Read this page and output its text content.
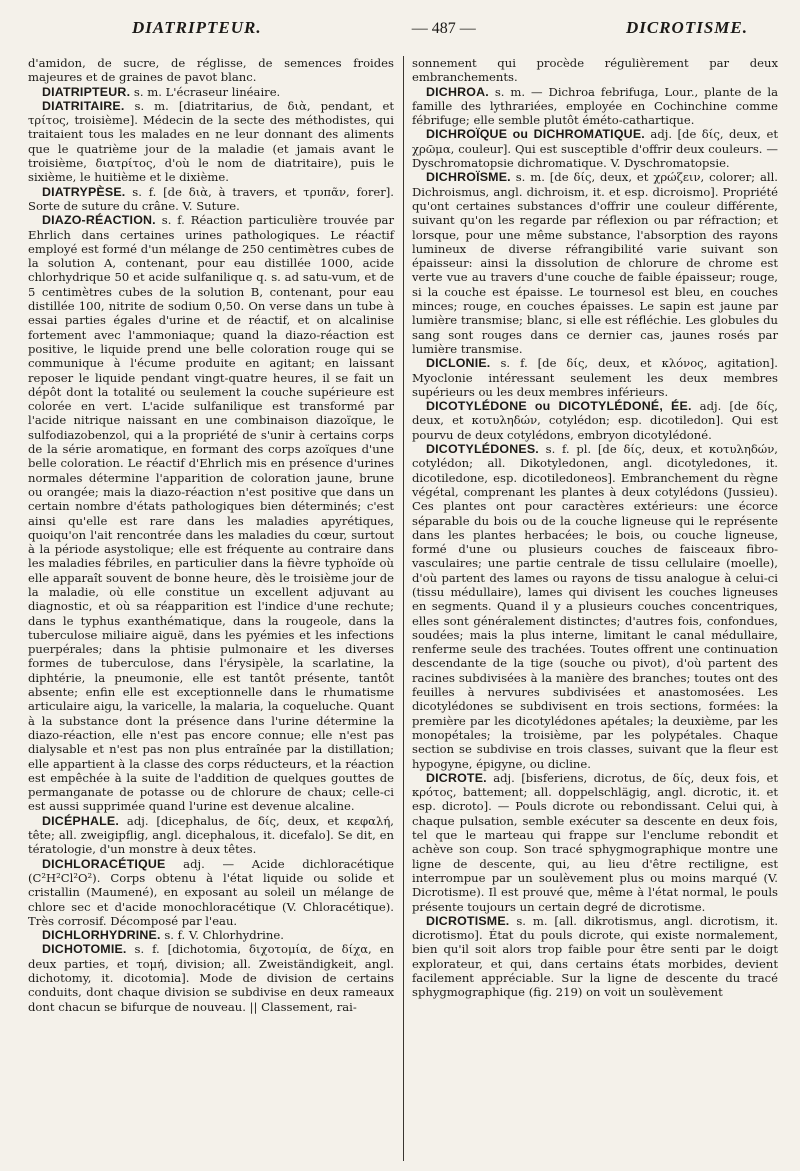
DIATRIPTEUR.	— 487 —	DICROTISME.

d'amidon, de sucre, de réglisse, de semences froides majeures et de graines de pavot blanc.

DIATRIPTEUR. s. m. L'écraseur linéaire.

DIATRITAIRE. s. m. [diatritarius, de διὰ, pendant, et τρίτος, troisième]. Médecin de la secte des méthodistes, qui traitaient tous les malades en ne leur donnant des aliments que le quatrième jour de la maladie (et jamais avant le troisième, διατρίτος, d'où le nom de diatritaire), puis le sixième, le huitième et le dixième.

DIATRYPÈSE. s. f. [de διὰ, à travers, et τρυπᾶν, forer]. Sorte de suture du crâne. V. Suture.

DIAZO-RÉACTION. s. f. Réaction particulière trouvée par Ehrlich dans certaines urines pathologiques. Le réactif employé est formé d'un mélange de 250 centimètres cubes de la solution A, contenant, pour eau distillée 1000, acide chlorhydrique 50 et acide sulfanilique q. s. ad satu-vum, et de 5 centimètres cubes de la solution B, contenant, pour eau distillée 100, nitrite de sodium 0,50. On verse dans un tube à essai parties égales d'urine et de réactif, et on alcalinise fortement avec l'ammoniaque; quand la diazo-réaction est positive, le liquide prend une belle coloration rouge qui se communique à l'écume produite en agitant; en laissant reposer le liquide pendant vingt-quatre heures, il se fait un dépôt dont la totalité ou seulement la couche supérieure est colorée en vert. L'acide sulfanilique est transformé par l'acide nitrique naissant en une combinaison diazoïque, le sulfodiazobenzol, qui a la propriété de s'unir à certains corps de la série aromatique, en formant des corps azoïques d'une belle coloration. Le réactif d'Ehrlich mis en présence d'urines normales détermine l'apparition de coloration jaune, brune ou orangée; mais la diazo-réaction n'est positive que dans un certain nombre d'états pathologiques bien déterminés; c'est ainsi qu'elle est rare dans les maladies apyrétiques, quoiqu'on l'ait rencontrée dans les maladies du cœur, surtout à la période asystolique; elle est fréquente au contraire dans les maladies fébriles, en particulier dans la fièvre typhoïde où elle apparaît souvent de bonne heure, dès le troisième jour de la maladie, où elle constitue un excellent adjuvant au diagnostic, et où sa réapparition est l'indice d'une rechute; dans le typhus exanthématique, dans la rougeole, dans la tuberculose miliaire aiguë, dans les pyémies et les infections puerpérales; dans la phtisie pulmonaire et les diverses formes de tuberculose, dans l'érysipèle, la scarlatine, la diphtérie, la pneumonie, elle est tantôt présente, tantôt absente; enfin elle est exceptionnelle dans le rhumatisme articulaire aigu, la varicelle, la malaria, la coqueluche. Quant à la substance dont la présence dans l'urine détermine la diazo-réaction, elle n'est pas encore connue; elle n'est pas dialysable et n'est pas non plus entraînée par la distillation; elle appartient à la classe des corps réducteurs, et la réaction est empêchée à la suite de l'addition de quelques gouttes de permanganate de potasse ou de chlorure de chaux; celle-ci est aussi supprimée quand l'urine est devenue alcaline.

DICÉPHALE. adj. [dicephalus, de δίς, deux, et κεφαλή, tête; all. zweigipflig, angl. dicephalous, it. dicefalo]. Se dit, en tératologie, d'un monstre à deux têtes.

DICHLORACÉTIQUE adj. — Acide dichloracétique (C²H²Cl²O²). Corps obtenu à l'état liquide ou solide et cristallin (Maumené), en exposant au soleil un mélange de chlore sec et d'acide monochloracétique (V. Chloracétique). Très corrosif. Décomposé par l'eau.

DICHLORHYDRINE. s. f. V. Chlorhydrine.

DICHOTOMIE. s. f. [dichotomia, διχοτομία, de δίχα, en deux parties, et τομή, division; all. Zweiständigkeit, angl. dichotomy, it. dicotomia]. Mode de division de certains conduits, dont chaque division se subdivise en deux rameaux dont chacun se bifurque de nouveau. || Classement, rai-

sonnement qui procède régulièrement par deux embranchements.

DICHROA. s. m. — Dichroa febrifuga, Lour., plante de la famille des lythrariées, employée en Cochinchine comme fébrifuge; elle semble plutôt éméto-cathartique.

DICHROÏQUE ou DICHROMATIQUE. adj. [de δίς, deux, et χρῶμα, couleur]. Qui est susceptible d'offrir deux couleurs. — Dyschromatopsie dichromatique. V. Dyschromatopsie.

DICHROÏSME. s. m. [de δίς, deux, et χρώζειν, colorer; all. Dichroismus, angl. dichroism, it. et esp. dicroismo]. Propriété qu'ont certaines substances d'offrir une couleur différente, suivant qu'on les regarde par réflexion ou par réfraction; et lorsque, pour une même substance, l'absorption des rayons lumineux de diverse réfrangibilité varie suivant son épaisseur: ainsi la dissolution de chlorure de chrome est verte vue au travers d'une couche de faible épaisseur; rouge, si la couche est épaisse. Le tournesol est bleu, en couches minces; rouge, en couches épaisses. Le sapin est jaune par lumière transmise; blanc, si elle est réfléchie. Les globules du sang sont rouges dans ce dernier cas, jaunes rosés par lumière transmise.

DICLONIE. s. f. [de δίς, deux, et κλόνος, agitation]. Myoclonie intéressant seulement les deux membres supérieurs ou les deux membres inférieurs.

DICOTYLÉDONE ou DICOTYLÉDONÉ, ÉE. adj. [de δίς, deux, et κοτυληδών, cotylédon; esp. dicotiledon]. Qui est pourvu de deux cotylédons, embryon dicotylédoné.

DICOTYLÉDONES. s. f. pl. [de δίς, deux, et κοτυληδών, cotylédon; all. Dikotyledonen, angl. dicotyledones, it. dicotiledone, esp. dicotiledoneos]. Embranchement du règne végétal, comprenant les plantes à deux cotylédons (Jussieu). Ces plantes ont pour caractères extérieurs: une écorce séparable du bois ou de la couche ligneuse qui le représente dans les plantes herbacées; le bois, ou couche ligneuse, formé d'une ou plusieurs couches de faisceaux fibro-vasculaires; une partie centrale de tissu cellulaire (moelle), d'où partent des lames ou rayons de tissu analogue à celui-ci (tissu médullaire), lames qui divisent les couches ligneuses en segments. Quand il y a plusieurs couches concentriques, elles sont généralement distinctes; d'autres fois, confondues, soudées; mais la plus interne, limitant le canal médullaire, renferme seule des trachées. Toutes offrent une continuation descendante de la tige (souche ou pivot), d'où partent des racines subdivisées à la manière des branches; toutes ont des feuilles à nervures subdivisées et anastomosées. Les dicotylédones se subdivisent en trois sections, formées: la première par les dicotylédones apétales; la deuxième, par les monopétales; la troisième, par les polypétales. Chaque section se subdivise en trois classes, suivant que la fleur est hypogyne, épigyne, ou dicline.

DICROTE. adj. [bisferiens, dicrotus, de δίς, deux fois, et κρότος, battement; all. doppelschlägig, angl. dicrotic, it. et esp. dicroto]. — Pouls dicrote ou rebondissant. Celui qui, à chaque pulsation, semble exécuter sa descente en deux fois, tel que le marteau qui frappe sur l'enclume rebondit et achève son coup. Son tracé sphygmographique montre une ligne de descente, qui, au lieu d'être rectiligne, est interrompue par un soulèvement plus ou moins marqué (V. Dicrotisme). Il est prouvé que, même à l'état normal, le pouls présente toujours un certain degré de dicrotisme.

DICROTISME. s. m. [all. dikrotismus, angl. dicrotism, it. dicrotismo]. État du pouls dicrote, qui existe normalement, bien qu'il soit alors trop faible pour être senti par le doigt explorateur, et qui, dans certains états morbides, devient facilement appréciable. Sur la ligne de descente du tracé sphygmographique (fig. 219) on voit un soulèvement
